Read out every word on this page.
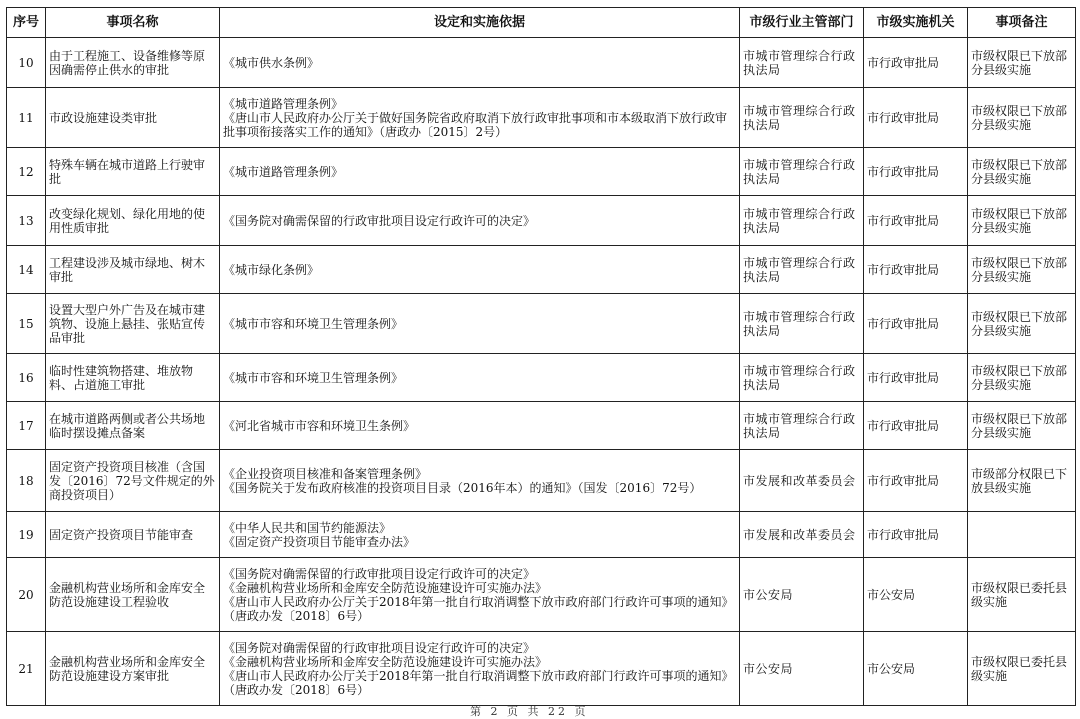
序号	事项名称	设定和实施依据	市级行业主管部门	市级实施机关	事项备注
10	由于工程施工、设备维修等原因确需停止供水的审批	《城市供水条例》	市城市管理综合行政执法局	市行政审批局	市级权限已下放部分县级实施
11	市政设施建设类审批	《城市道路管理条例》
《唐山市人民政府办公厅关于做好国务院省政府取消下放行政审批事项和市本级取消下放行政审批事项衔接落实工作的通知》（唐政办〔2015〕2号）	市城市管理综合行政执法局	市行政审批局	市级权限已下放部分县级实施
12	特殊车辆在城市道路上行驶审批	《城市道路管理条例》	市城市管理综合行政执法局	市行政审批局	市级权限已下放部分县级实施
13	改变绿化规划、绿化用地的使用性质审批	《国务院对确需保留的行政审批项目设定行政许可的决定》	市城市管理综合行政执法局	市行政审批局	市级权限已下放部分县级实施
14	工程建设涉及城市绿地、树木审批	《城市绿化条例》	市城市管理综合行政执法局	市行政审批局	市级权限已下放部分县级实施
15	设置大型户外广告及在城市建筑物、设施上悬挂、张贴宣传品审批	《城市市容和环境卫生管理条例》	市城市管理综合行政执法局	市行政审批局	市级权限已下放部分县级实施
16	临时性建筑物搭建、堆放物料、占道施工审批	《城市市容和环境卫生管理条例》	市城市管理综合行政执法局	市行政审批局	市级权限已下放部分县级实施
17	在城市道路两侧或者公共场地临时摆设摊点备案	《河北省城市市容和环境卫生条例》	市城市管理综合行政执法局	市行政审批局	市级权限已下放部分县级实施
18	固定资产投资项目核准（含国发〔2016〕72号文件规定的外商投资项目）	《企业投资项目核准和备案管理条例》
《国务院关于发布政府核准的投资项目目录（2016年本）的通知》（国发〔2016〕72号）	市发展和改革委员会	市行政审批局	市级部分权限已下放县级实施
19	固定资产投资项目节能审查	《中华人民共和国节约能源法》
《固定资产投资项目节能审查办法》	市发展和改革委员会	市行政审批局	
20	金融机构营业场所和金库安全防范设施建设工程验收	《国务院对确需保留的行政审批项目设定行政许可的决定》
《金融机构营业场所和金库安全防范设施建设许可实施办法》
《唐山市人民政府办公厅关于2018年第一批自行取消调整下放市政府部门行政许可事项的通知》（唐政办发〔2018〕6号）	市公安局	市公安局	市级权限已委托县级实施
21	金融机构营业场所和金库安全防范设施建设方案审批	《国务院对确需保留的行政审批项目设定行政许可的决定》
《金融机构营业场所和金库安全防范设施建设许可实施办法》
《唐山市人民政府办公厅关于2018年第一批自行取消调整下放市政府部门行政许可事项的通知》（唐政办发〔2018〕6号）	市公安局	市公安局	市级权限已委托县级实施
第 2 页 共 22 页
